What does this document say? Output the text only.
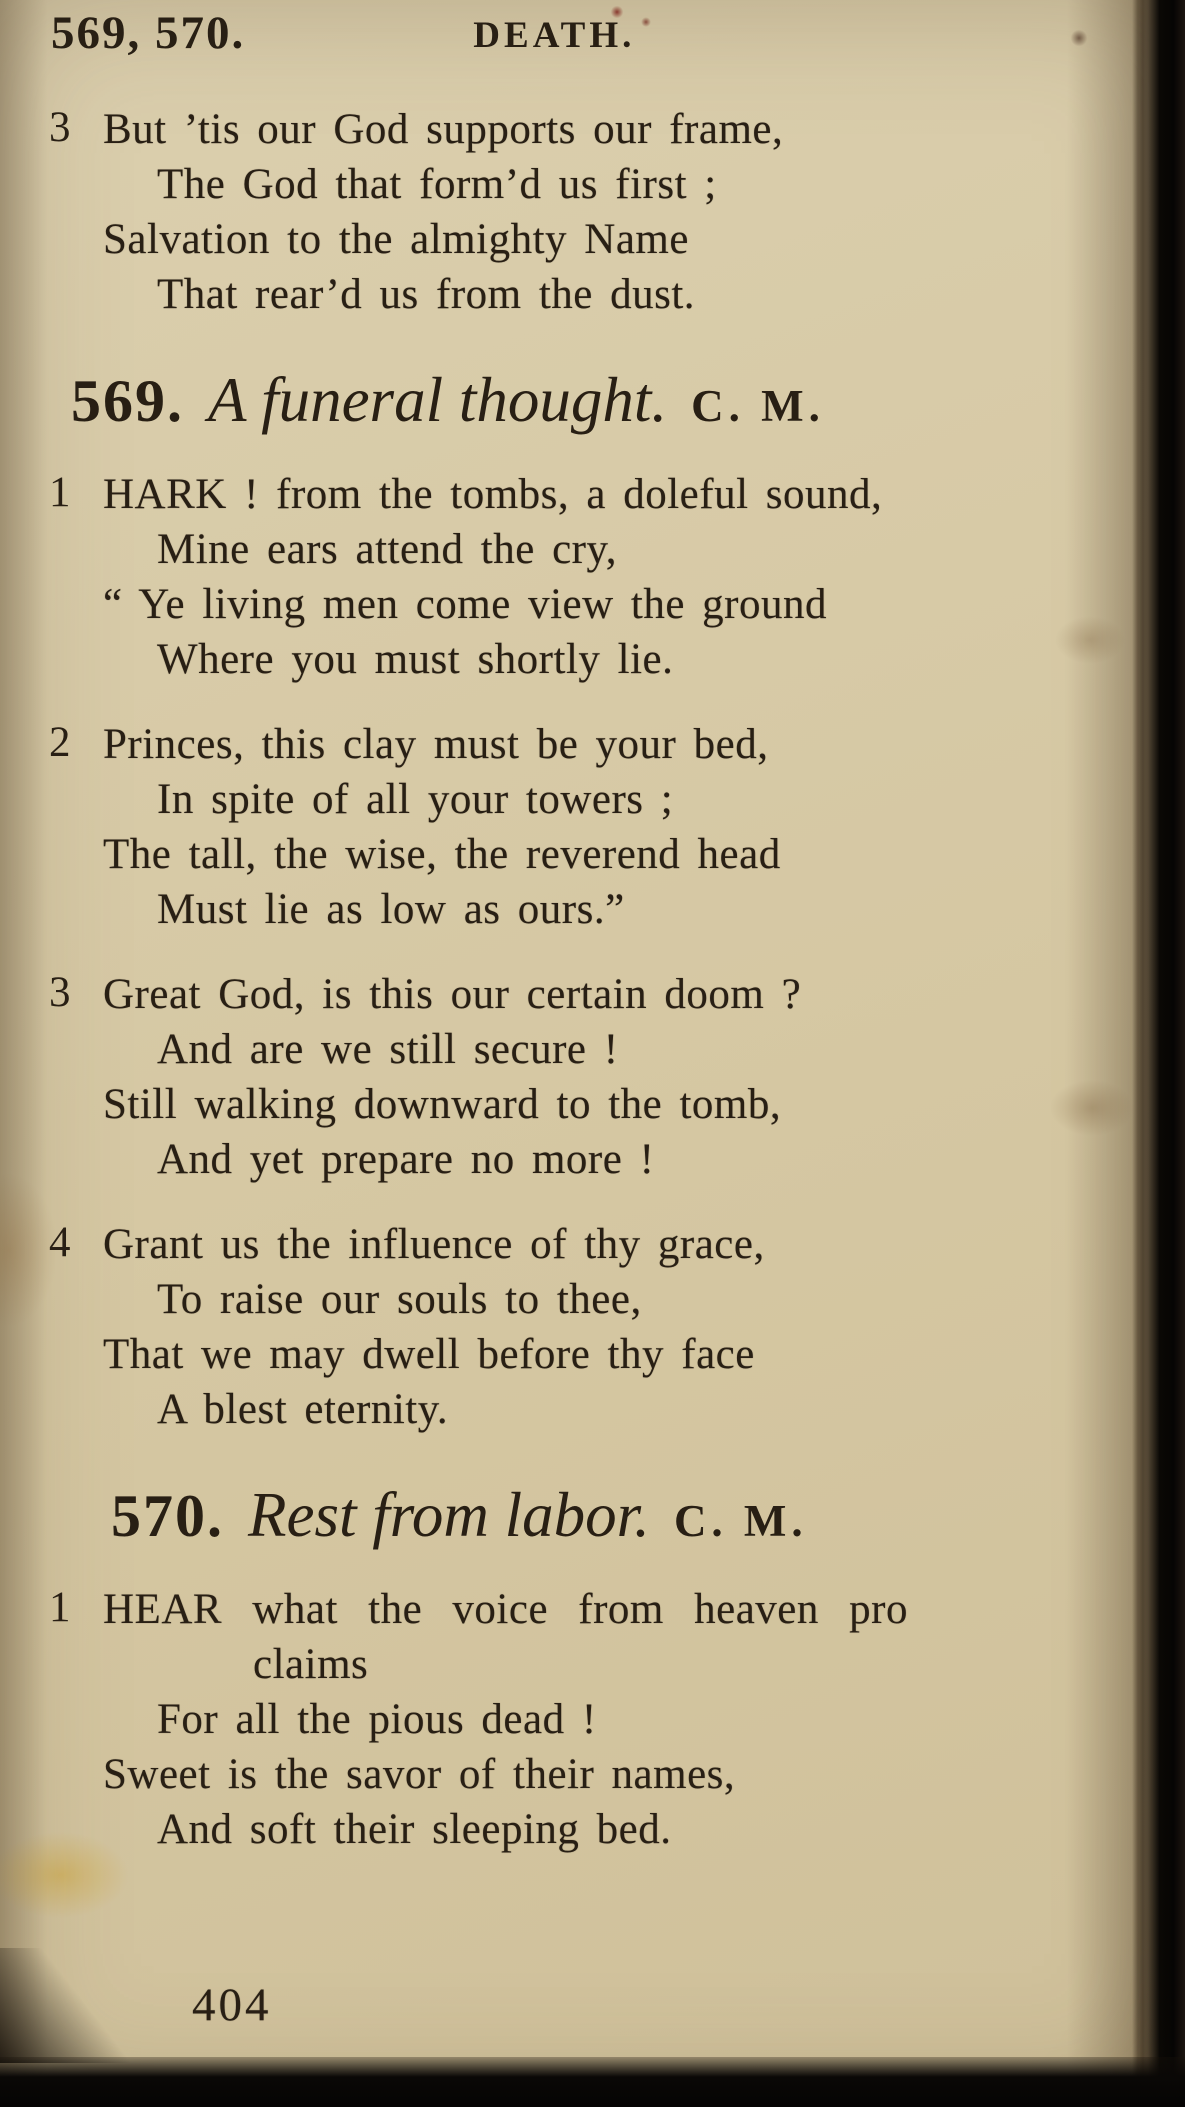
569, 570.	DEATH.
3 But ’tis our God supports our frame,
The God that form’d us first ;
Salvation to the almighty Name
That rear’d us from the dust.
569. A funeral thought. C. M.
1 HARK ! from the tombs, a doleful sound,
Mine ears attend the cry,
“ Ye living men come view the ground
Where you must shortly lie.
2 Princes, this clay must be your bed,
In spite of all your towers ;
The tall, the wise, the reverend head
Must lie as low as ours.”
3 Great God, is this our certain doom ?
And are we still secure !
Still walking downward to the tomb,
And yet prepare no more !
4 Grant us the influence of thy grace,
To raise our souls to thee,
That we may dwell before thy face
A blest eternity.
570. Rest from labor. C. M.
1 HEAR what the voice from heaven pro
claims
For all the pious dead !
Sweet is the savor of their names,
And soft their sleeping bed.
404
